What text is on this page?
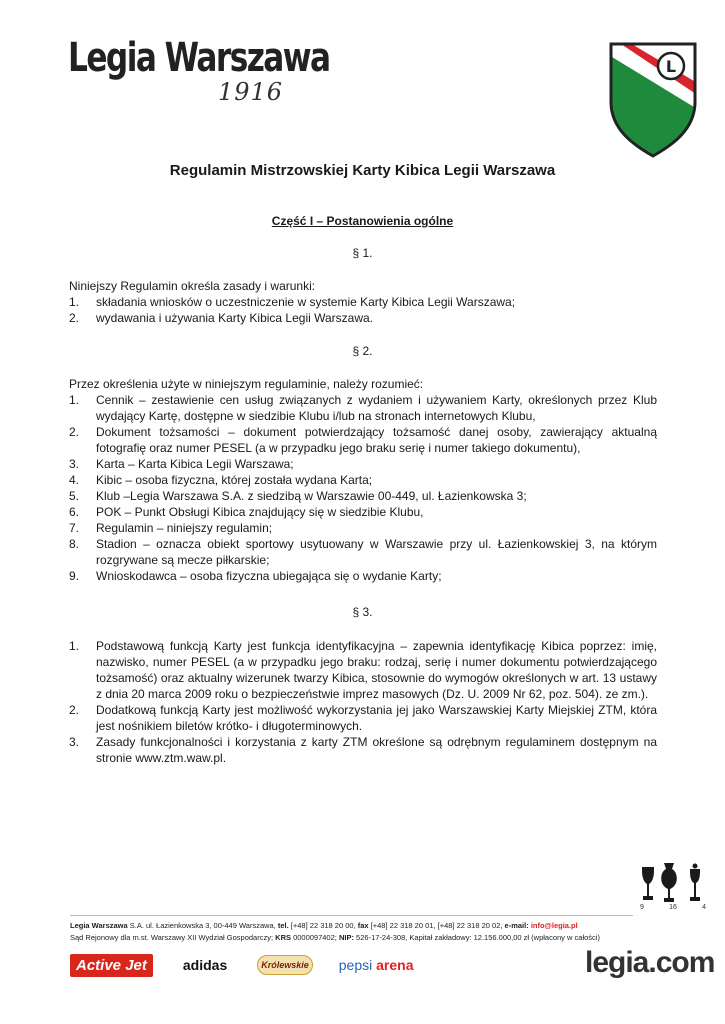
Legia Warszawa
1916
L
Regulamin Mistrzowskiej Karty Kibica Legii Warszawa
Część I – Postanowienia ogólne
§ 1.
Niniejszy Regulamin określa zasady i warunki:
1. składania wniosków o uczestniczenie w systemie Karty Kibica Legii Warszawa;
2. wydawania i używania Karty Kibica Legii Warszawa.
§ 2.
Przez określenia użyte w niniejszym regulaminie, należy rozumieć:
1. Cennik – zestawienie cen usług związanych z wydaniem i używaniem Karty, określonych przez Klub wydający Kartę, dostępne w siedzibie Klubu i/lub na stronach internetowych Klubu,
2. Dokument tożsamości – dokument potwierdzający tożsamość danej osoby, zawierający aktualną fotografię oraz numer PESEL (a w przypadku jego braku serię i numer takiego dokumentu),
3. Karta – Karta Kibica Legii Warszawa;
4. Kibic – osoba fizyczna, której została wydana Karta;
5. Klub –Legia Warszawa S.A. z siedzibą w Warszawie 00-449, ul. Łazienkowska 3;
6. POK – Punkt Obsługi Kibica znajdujący się w siedzibie Klubu,
7. Regulamin – niniejszy regulamin;
8. Stadion – oznacza obiekt sportowy usytuowany w Warszawie przy ul. Łazienkowskiej 3, na którym rozgrywane są mecze piłkarskie;
9. Wnioskodawca – osoba fizyczna ubiegająca się o wydanie Karty;
§ 3.
1. Podstawową funkcją Karty jest funkcja identyfikacyjna – zapewnia identyfikację Kibica poprzez: imię, nazwisko, numer PESEL (a w przypadku jego braku: rodzaj, serię i numer dokumentu potwierdzającego tożsamość) oraz aktualny wizerunek twarzy Kibica, stosownie do wymogów określonych w art. 13 ustawy z dnia 20 marca 2009 roku o bezpieczeństwie imprez masowych (Dz. U. 2009 Nr 62, poz. 504). ze zm.).
2. Dodatkową funkcją Karty jest możliwość wykorzystania jej jako Warszawskiej Karty Miejskiej ZTM, która jest nośnikiem biletów krótko- i długoterminowych.
3. Zasady funkcjonalności i korzystania z karty ZTM określone są odrębnym regulaminem dostępnym na stronie www.ztm.waw.pl.
9	16	4
Legia Warszawa S.A. ul. Łazienkowska 3, 00-449 Warszawa, tel. [+48] 22 318 20 00, fax [+48] 22 318 20 01, [+48] 22 318 20 02, e-mail: info@legia.pl
Sąd Rejonowy dla m.st. Warszawy XII Wydział Gospodarczy; KRS 0000097402; NIP: 526-17-24-308, Kapitał zakładowy: 12.156.000,00 zł (wpłacony w całości)
Active Jet	adidas	Królewskie pepsi arena	legia.com
